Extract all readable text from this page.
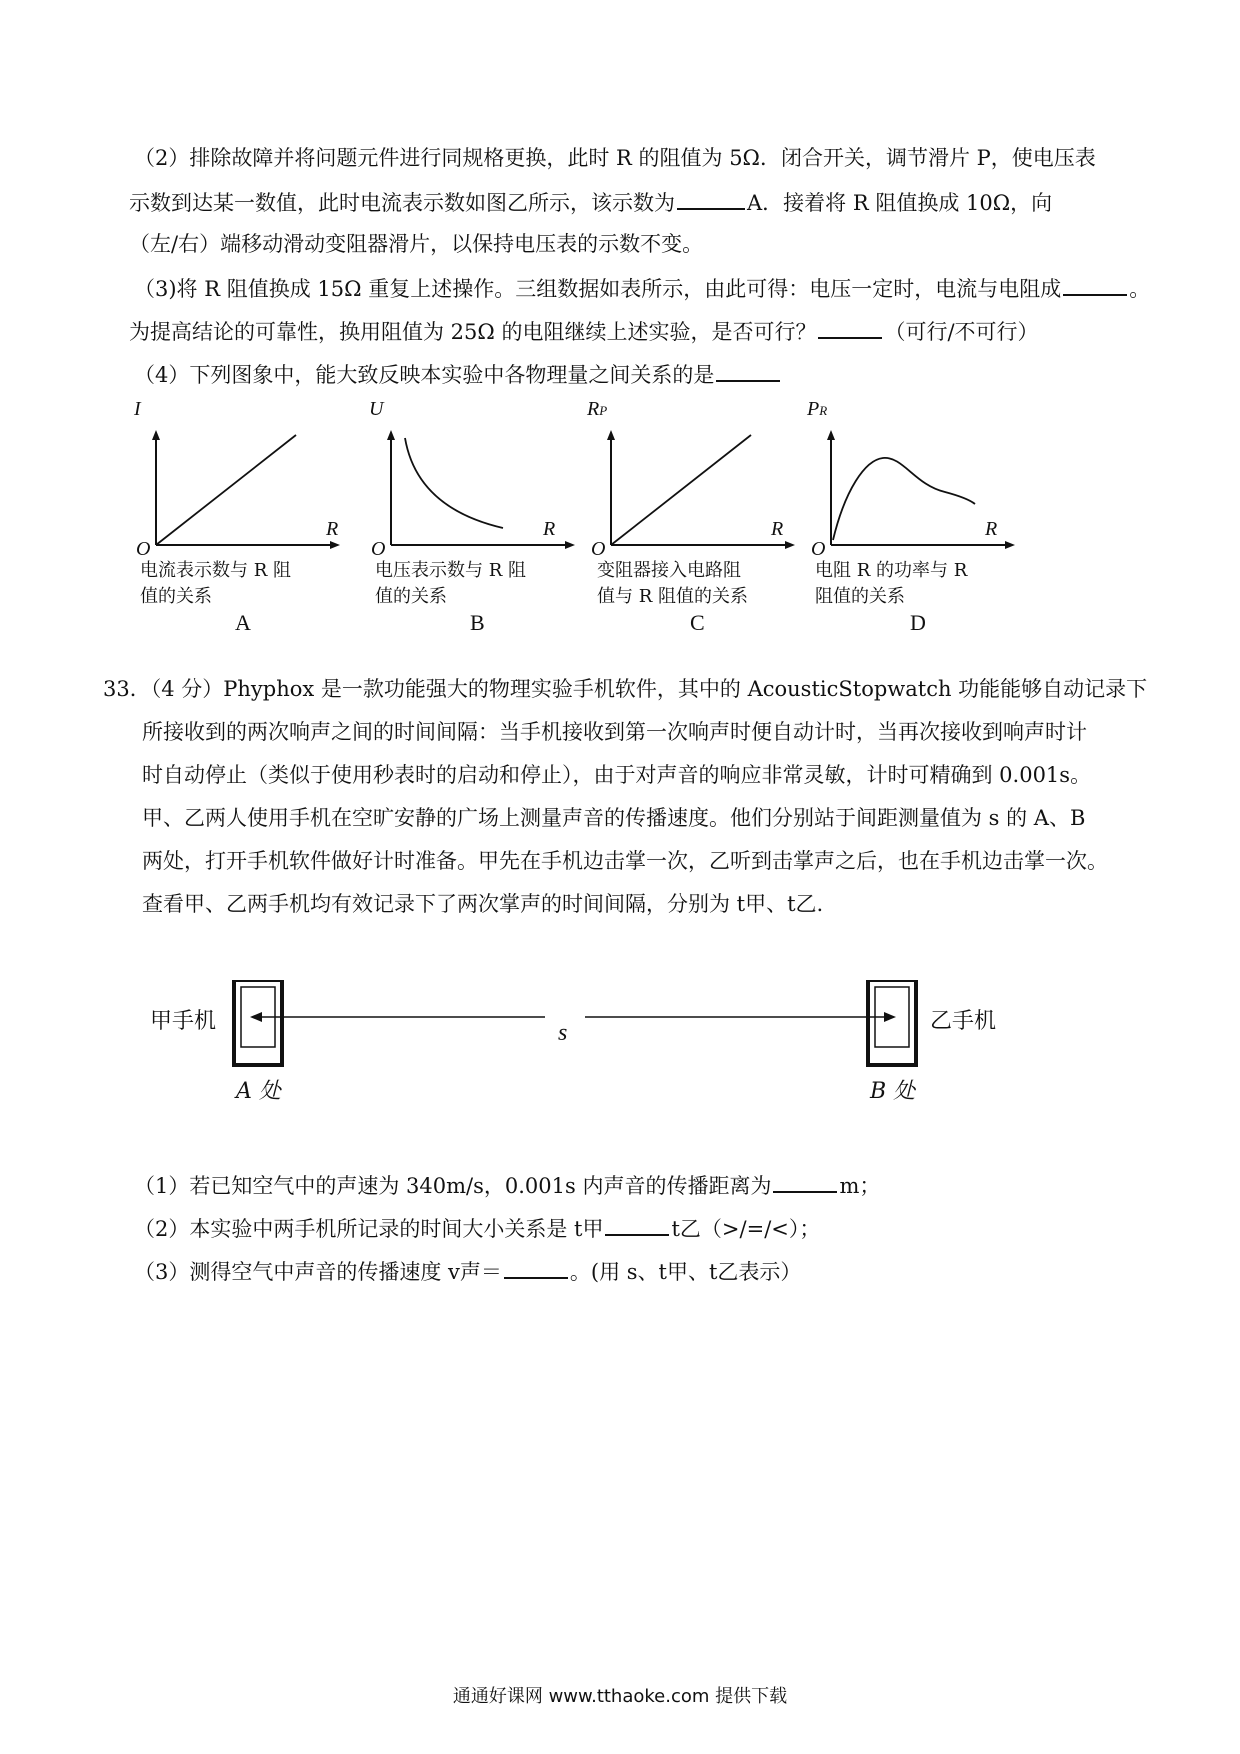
（2）排除故障并将问题元件进行同规格更换，此时 R 的阻值为 5Ω．闭合开关，调节滑片 P，使电压表
示数到达某一数值，此时电流表示数如图乙所示，该示数为	A．接着将 R 阻值换成 10Ω，向
（左/右）端移动滑动变阻器滑片，以保持电压表的示数不变。
（3)将 R 阻值换成 15Ω 重复上述操作。三组数据如表所示，由此可得：电压一定时，电流与电阻成	。
为提高结论的可靠性，换用阻值为 25Ω 的电阻继续上述实验，是否可行？	（可行/不可行）
（4）下列图象中，能大致反映本实验中各物理量之间关系的是
I
R
O
电流表示数与 R 阻
值的关系
A
U
R
O
电压表示数与 R 阻
值的关系
B
RP
R
O
变阻器接入电路阻
值与 R 阻值的关系
C
PR
R
O
电阻 R 的功率与 R
阻值的关系
D
33．（4 分）Phyphox 是一款功能强大的物理实验手机软件，其中的 AcousticStopwatch 功能能够自动记录下
所接收到的两次响声之间的时间间隔：当手机接收到第一次响声时便自动计时，当再次接收到响声时计
时自动停止（类似于使用秒表时的启动和停止），由于对声音的响应非常灵敏，计时可精确到 0.001s。
甲、乙两人使用手机在空旷安静的广场上测量声音的传播速度。他们分别站于间距测量值为 s 的 A、B
两处，打开手机软件做好计时准备。甲先在手机边击掌一次，乙听到击掌声之后，也在手机边击掌一次。
查看甲、乙两手机均有效记录下了两次掌声的时间间隔，分别为 t甲、t乙.
甲手机	乙手机
s
A 处	B 处
（1）若已知空气中的声速为 340m/s，0.001s 内声音的传播距离为	m；
（2）本实验中两手机所记录的时间大小关系是 t甲	t乙（>/=/<）；
（3）测得空气中声音的传播速度 v声＝	。(用 s、t甲、t乙表示）
通通好课网 www.tthaoke.com 提供下载
